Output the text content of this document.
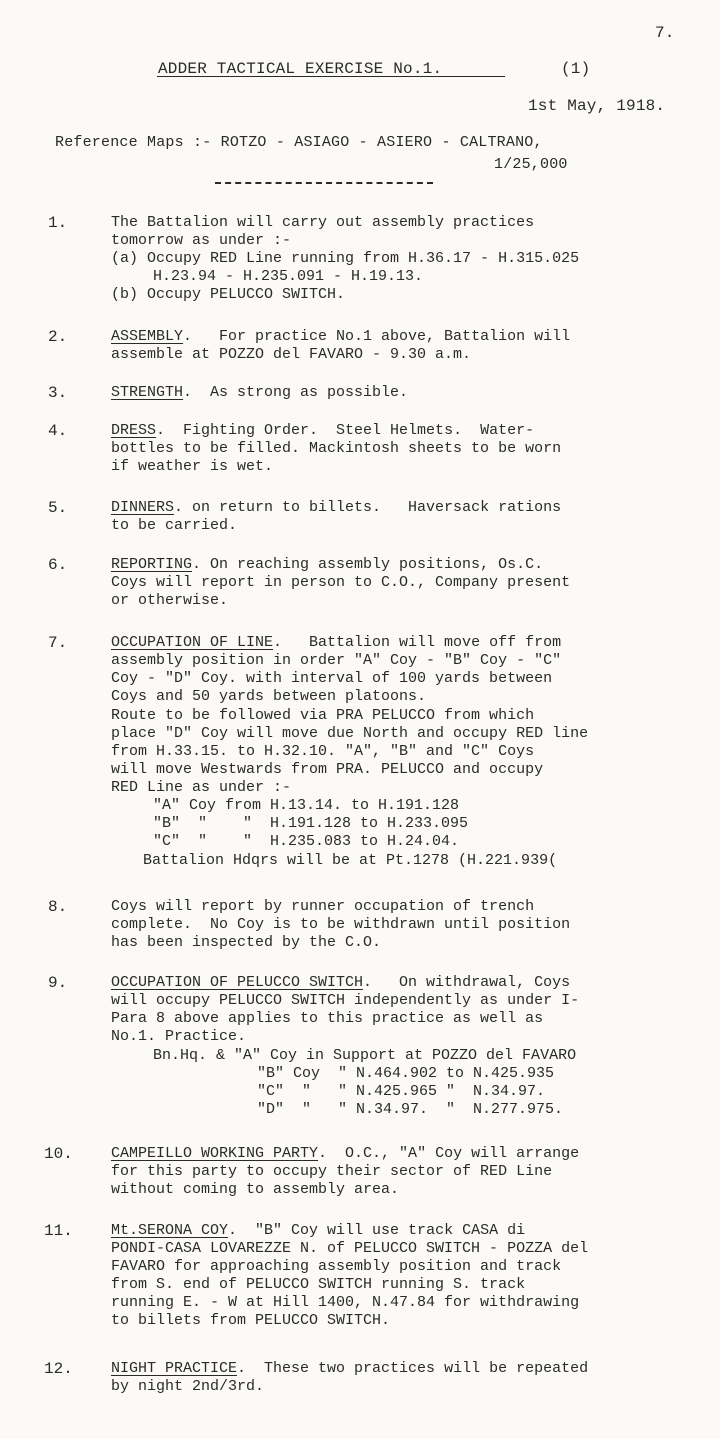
7.
ADDER TACTICAL EXERCISE No.1.	(1)
1st May, 1918.
Reference Maps :- ROTZO - ASIAGO - ASIERO - CALTRANO,
1/25,000
1.	The Battalion will carry out assembly practices
tomorrow as under :-
(a) Occupy RED Line running from H.36.17 - H.315.025
H.23.94 - H.235.091 - H.19.13.
(b) Occupy PELUCCO SWITCH.
2.	ASSEMBLY.   For practice No.1 above, Battalion will
assemble at POZZO del FAVARO - 9.30 a.m.
3.	STRENGTH.  As strong as possible.
4.	DRESS.  Fighting Order.  Steel Helmets.  Water-
bottles to be filled. Mackintosh sheets to be worn
if weather is wet.
5.	DINNERS. on return to billets.   Haversack rations
to be carried.
6.	REPORTING. On reaching assembly positions, Os.C.
Coys will report in person to C.O., Company present
or otherwise.
7.	OCCUPATION OF LINE.   Battalion will move off from
assembly position in order "A" Coy - "B" Coy - "C"
Coy - "D" Coy. with interval of 100 yards between
Coys and 50 yards between platoons.
Route to be followed via PRA PELUCCO from which
place "D" Coy will move due North and occupy RED line
from H.33.15. to H.32.10. "A", "B" and "C" Coys
will move Westwards from PRA. PELUCCO and occupy
RED Line as under :-
"A" Coy from H.13.14. to H.191.128
"B"  "    "  H.191.128 to H.233.095
"C"  "    "  H.235.083 to H.24.04.
Battalion Hdqrs will be at Pt.1278 (H.221.939(
8.	Coys will report by runner occupation of trench
complete.  No Coy is to be withdrawn until position
has been inspected by the C.O.
9.	OCCUPATION OF PELUCCO SWITCH.   On withdrawal, Coys
will occupy PELUCCO SWITCH independently as under I-
Para 8 above applies to this practice as well as
No.1. Practice.
Bn.Hq. & "A" Coy in Support at POZZO del FAVARO
"B" Coy  " N.464.902 to N.425.935
"C"  "   " N.425.965 "  N.34.97.
"D"  "   " N.34.97.  "  N.277.975.
10.	CAMPEILLO WORKING PARTY.  O.C., "A" Coy will arrange
for this party to occupy their sector of RED Line
without coming to assembly area.
11.	Mt.SERONA COY.  "B" Coy will use track CASA di
PONDI-CASA LOVAREZZE N. of PELUCCO SWITCH - POZZA del
FAVARO for approaching assembly position and track
from S. end of PELUCCO SWITCH running S. track
running E. - W at Hill 1400, N.47.84 for withdrawing
to billets from PELUCCO SWITCH.
12.	NIGHT PRACTICE.  These two practices will be repeated
by night 2nd/3rd.
